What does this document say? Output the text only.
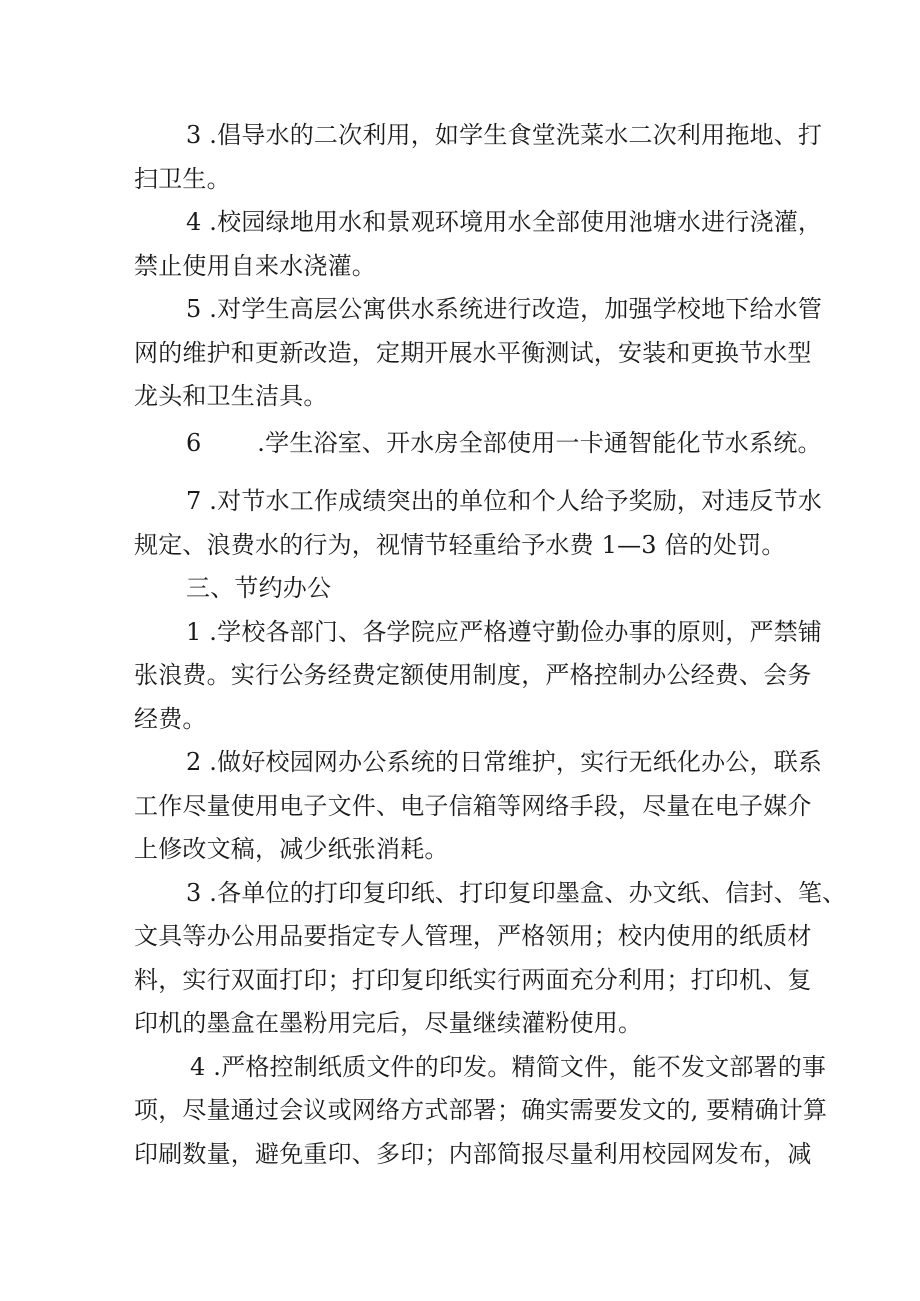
3 .倡导水的二次利用，如学生食堂洗菜水二次利用拖地、打
扫卫生。
4 .校园绿地用水和景观环境用水全部使用池塘水进行浇灌，
禁止使用自来水浇灌。
5 .对学生高层公寓供水系统进行改造，加强学校地下给水管
网的维护和更新改造，定期开展水平衡测试，安装和更换节水型
龙头和卫生洁具。
6 .学生浴室、开水房全部使用一卡通智能化节水系统。
7 .对节水工作成绩突出的单位和个人给予奖励，对违反节水
规定、浪费水的行为，视情节轻重给予水费 1—3 倍的处罚。
三、节约办公
1 .学校各部门、各学院应严格遵守勤俭办事的原则，严禁铺
张浪费。实行公务经费定额使用制度，严格控制办公经费、会务
经费。
2 .做好校园网办公系统的日常维护，实行无纸化办公，联系
工作尽量使用电子文件、电子信箱等网络手段，尽量在电子媒介
上修改文稿，减少纸张消耗。
3 .各单位的打印复印纸、打印复印墨盒、办文纸、信封、笔、
文具等办公用品要指定专人管理，严格领用；校内使用的纸质材
料，实行双面打印；打印复印纸实行两面充分利用；打印机、复
印机的墨盒在墨粉用完后，尽量继续灌粉使用。
4 .严格控制纸质文件的印发。精简文件，能不发文部署的事
项，尽量通过会议或网络方式部署；确实需要发文的, 要精确计算
印刷数量，避免重印、多印；内部简报尽量利用校园网发布，减
